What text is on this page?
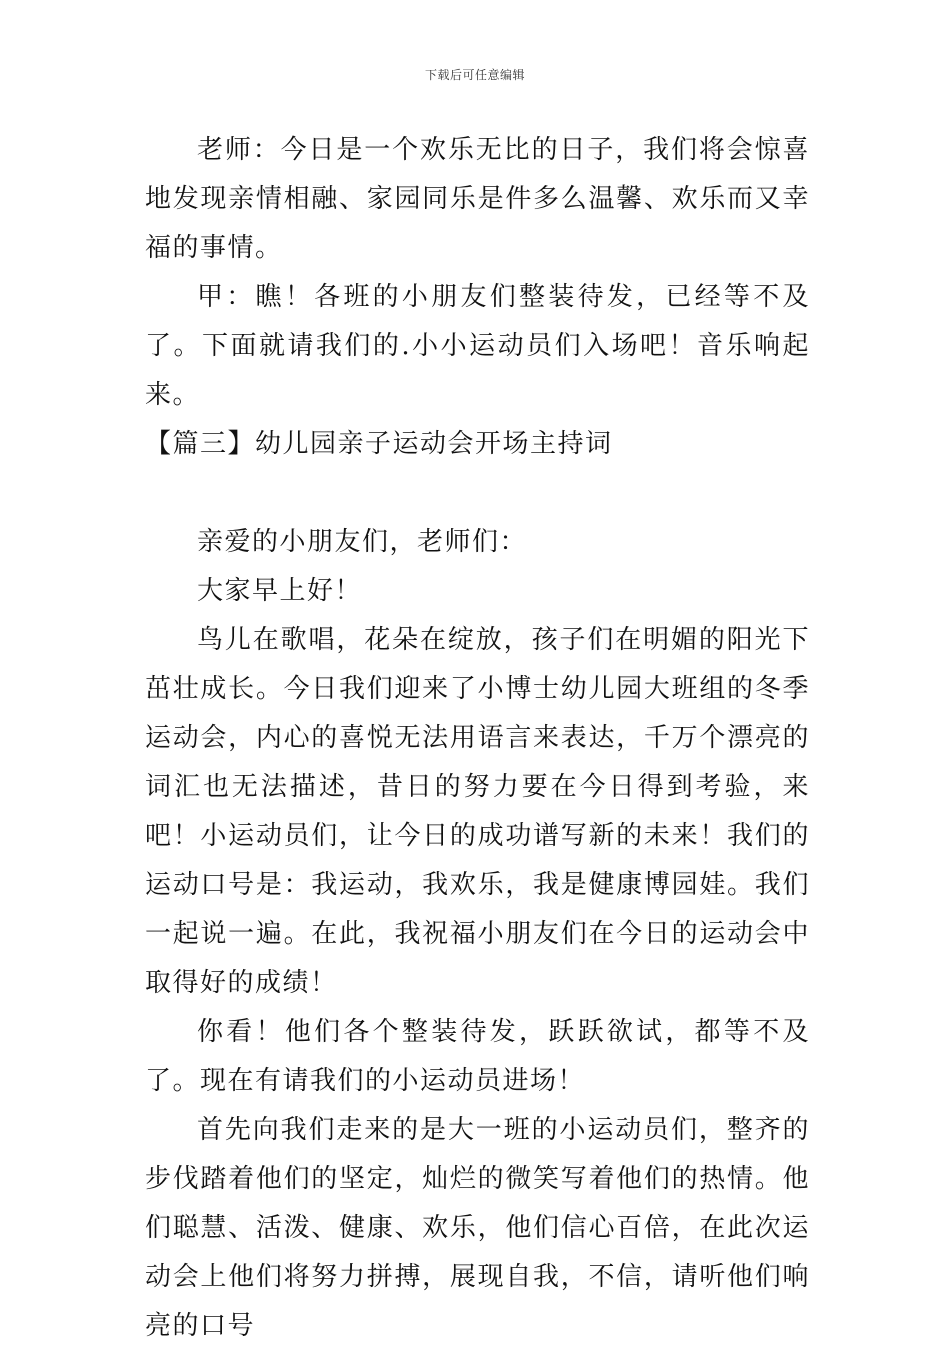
下载后可任意编辑

老师：今日是一个欢乐无比的日子，我们将会惊喜地发现亲情相融、家园同乐是件多么温馨、欢乐而又幸福的事情。

甲：瞧！各班的小朋友们整装待发，已经等不及了。下面就请我们的.小小运动员们入场吧！音乐响起来。

【篇三】幼儿园亲子运动会开场主持词

亲爱的小朋友们，老师们：

大家早上好！

鸟儿在歌唱，花朵在绽放，孩子们在明媚的阳光下茁壮成长。今日我们迎来了小博士幼儿园大班组的冬季运动会，内心的喜悦无法用语言来表达，千万个漂亮的词汇也无法描述，昔日的努力要在今日得到考验，来吧！小运动员们，让今日的成功谱写新的未来！我们的运动口号是：我运动，我欢乐，我是健康博园娃。我们一起说一遍。在此，我祝福小朋友们在今日的运动会中取得好的成绩！

你看！他们各个整装待发，跃跃欲试，都等不及了。现在有请我们的小运动员进场！

首先向我们走来的是大一班的小运动员们，整齐的步伐踏着他们的坚定，灿烂的微笑写着他们的热情。他们聪慧、活泼、健康、欢乐，他们信心百倍，在此次运动会上他们将努力拼搏，展现自我，不信，请听他们响亮的口号
